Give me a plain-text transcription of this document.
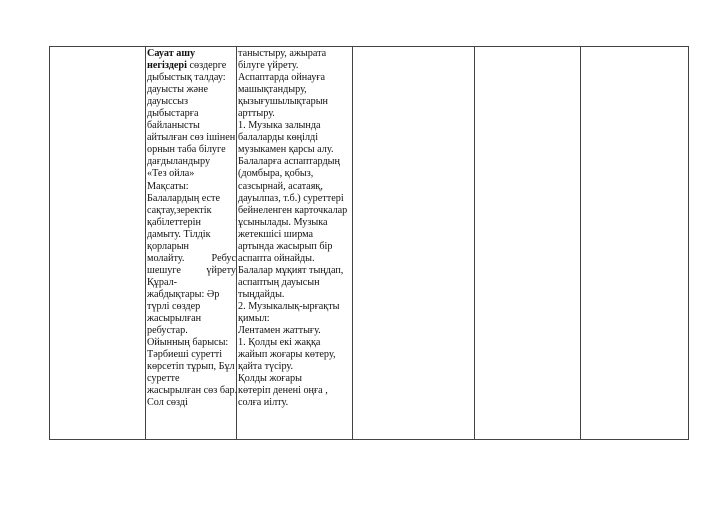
Сауат ашу

негіздері сөздерге

дыбыстық талдау:

дауысты және

дауыссыз

дыбыстарға

байланысты

айтылған сөз ішінен

орнын таба білуге

дағдыландыру

«Тез ойла»

Мақсаты:

Балалардың есте

сақтау,зеректік

қабілеттерін

дамыту. Тілдік

қорларын

молайту.	Ребус

шешуге	үйрету

Құрал-

жабдықтары: Әр

түрлі сөздер

жасырылған

ребустар.

Ойынның барысы:

Тәрбиеші суретті

көрсетіп тұрып, Бұл

суретте

жасырылған сөз бар.

Сол сөзді

таныстыру, ажырата

білуге үйрету.

Аспаптарда ойнауға

машықтандыру,

қызығушылықтарын

арттыру.

1. Музыка залында

балаларды көңілді

музыкамен қарсы алу.

Балаларға аспаптардың

(домбыра, қобыз,

сазсырнай, асатаяқ,

дауылпаз, т.б.) суреттері

бейнеленген карточкалар

ұсынылады. Музыка

жетекшісі ширма

артында жасырып бір

аспапта ойнайды.

Балалар мұқият тыңдап,

аспаптың дауысын

тыңдайды.

2. Музыкалық-ырғақты

қимыл:

Лентамен жаттығу.

1. Қолды екі жаққа

жайып жоғары көтеру,

қайта түсіру.

Қолды жоғары

көтеріп денені оңға ,

солға иілту.
